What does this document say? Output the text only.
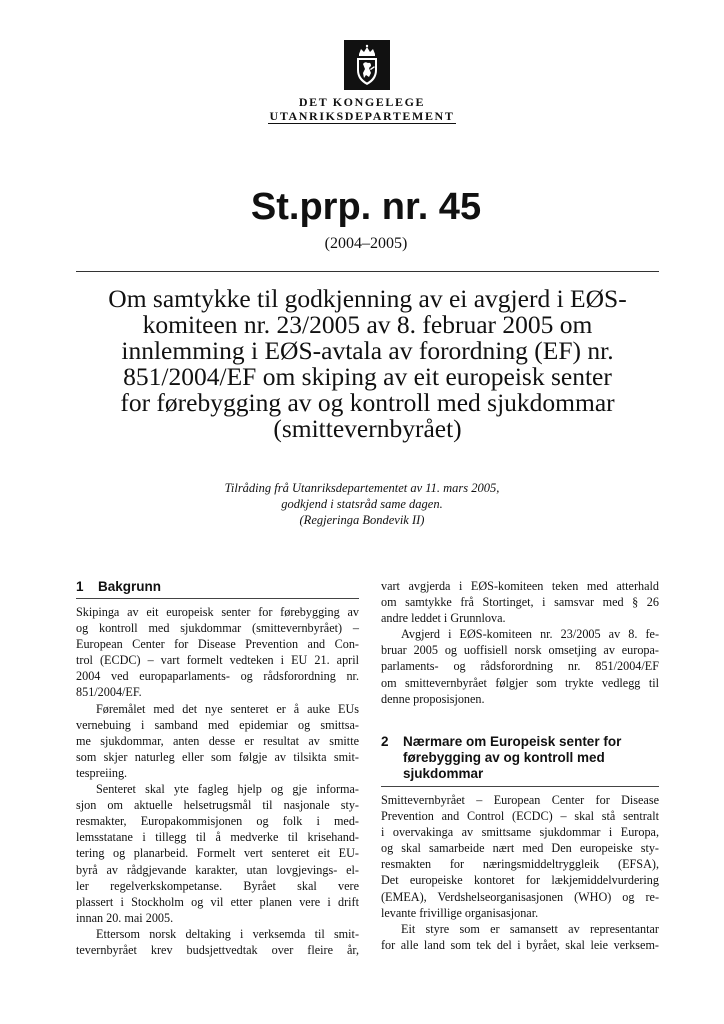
DET KONGELEGE
UTANRIKSDEPARTEMENT
St.prp. nr. 45
(2004–2005)
Om samtykke til godkjenning av ei avgjerd i EØS-
komiteen nr. 23/2005 av 8. februar 2005 om
innlemming i EØS-avtala av forordning (EF) nr.
851/2004/EF om skiping av eit europeisk senter
for førebygging av og kontroll med sjukdommar
(smittevernbyrået)
Tilråding frå Utanriksdepartementet av 11. mars 2005,
godkjend i statsråd same dagen.
(Regjeringa Bondevik II)
1 Bakgrunn

Skipinga av eit europeisk senter for førebygging av

og kontroll med sjukdommar (smittevernbyrået) –

European Center for Disease Prevention and Con-

trol (ECDC) – vart formelt vedteken i EU 21. april

2004 ved europaparlaments- og rådsforordning nr.

851/2004/EF.

Føremålet med det nye senteret er å auke EUs

vernebuing i samband med epidemiar og smittsa-

me sjukdommar, anten desse er resultat av smitte

som skjer naturleg eller som følgje av tilsikta smit-

tespreiing.

Senteret skal yte fagleg hjelp og gje informa-

sjon om aktuelle helsetrugsmål til nasjonale sty-

resmakter, Europakommisjonen og folk i med-

lemsstatane i tillegg til å medverke til krisehand-

tering og planarbeid. Formelt vert senteret eit EU-

byrå av rådgjevande karakter, utan lovgjevings- el-

ler regelverkskompetanse. Byrået skal vere

plassert i Stockholm og vil etter planen vere i drift

innan 20. mai 2005.

Ettersom norsk deltaking i verksemda til smit-

tevernbyrået krev budsjettvedtak over fleire år,

vart avgjerda i EØS-komiteen teken med atterhald

om samtykke frå Stortinget, i samsvar med § 26

andre leddet i Grunnlova.

Avgjerd i EØS-komiteen nr. 23/2005 av 8. fe-

bruar 2005 og uoffisiell norsk omsetjing av europa-

parlaments- og rådsforordning nr. 851/2004/EF

om smittevernbyrået følgjer som trykte vedlegg til

denne proposisjonen.

2	Nærmare om Europeisk senter for
førebygging av og kontroll med
sjukdommar

Smittevernbyrået – European Center for Disease

Prevention and Control (ECDC) – skal stå sentralt

i overvakinga av smittsame sjukdommar i Europa,

og skal samarbeide nært med Den europeiske sty-

resmakten for næringsmiddeltryggleik (EFSA),

Det europeiske kontoret for lækjemiddelvurdering

(EMEA), Verdshelseorganisasjonen (WHO) og re-

levante frivillige organisasjonar.

Eit styre som er samansett av representantar

for alle land som tek del i byrået, skal leie verksem-
